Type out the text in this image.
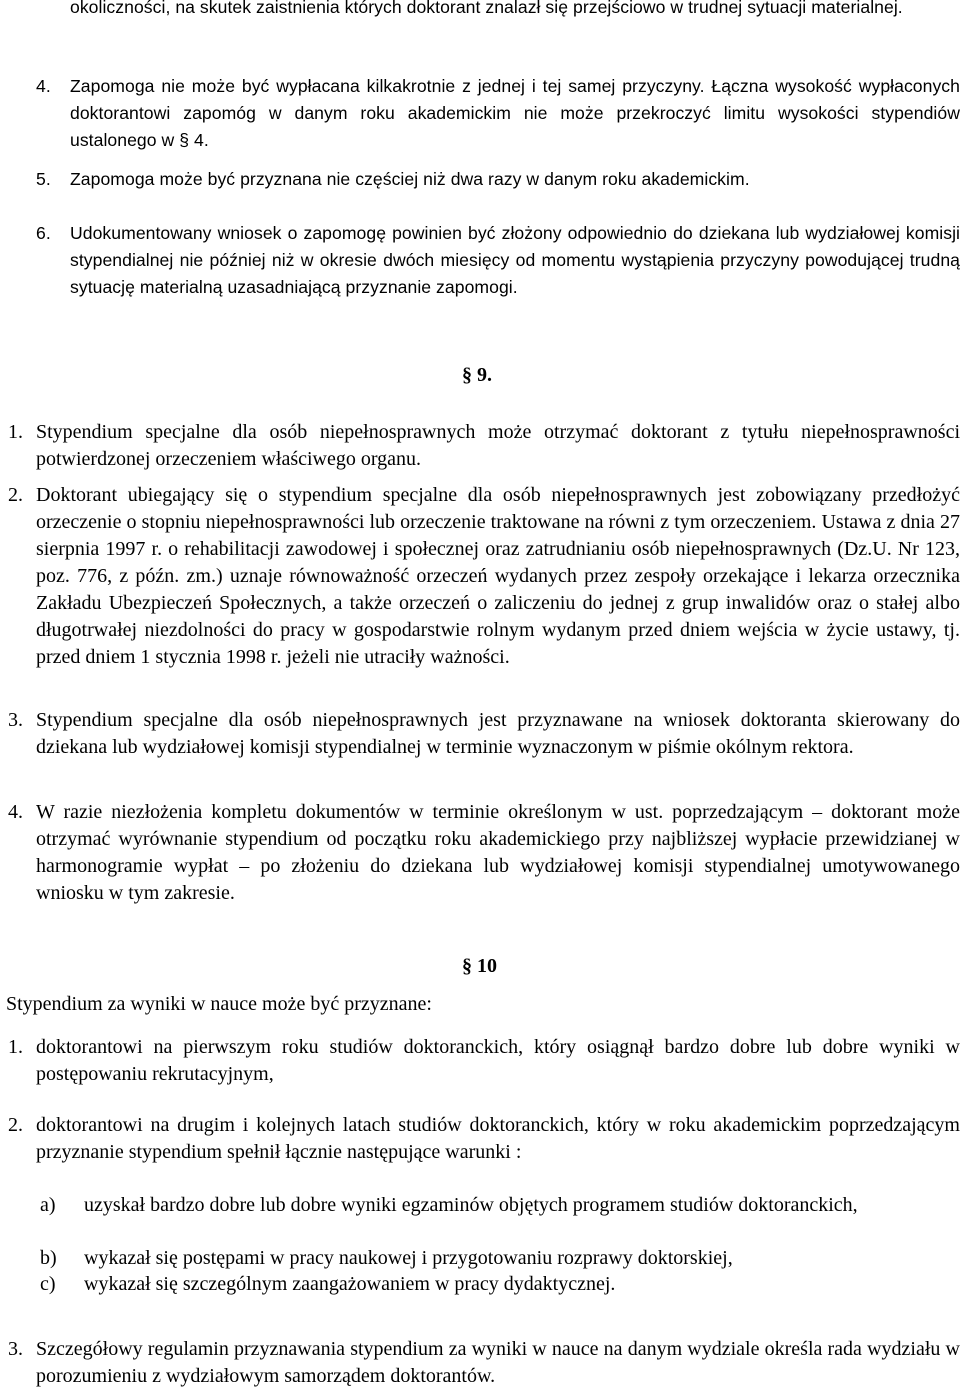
okoliczności, na skutek zaistnienia których doktorant znalazł się przejściowo w trudnej sytuacji materialnej.

4. Zapomoga nie może być wypłacana kilkakrotnie z jednej i tej samej przyczyny. Łączna wysokość wypłaconych doktorantowi zapomóg w danym roku akademickim nie może przekroczyć limitu wysokości stypendiów ustalonego w § 4.

5. Zapomoga może być przyznana nie częściej niż dwa razy w danym roku akademickim.

6. Udokumentowany wniosek o zapomogę powinien być złożony odpowiednio do dziekana lub wydziałowej komisji stypendialnej nie później niż w okresie dwóch miesięcy od momentu wystąpienia przyczyny powodującej trudną sytuację materialną uzasadniającą przyznanie zapomogi.

§ 9.
1. Stypendium specjalne dla osób niepełnosprawnych może otrzymać doktorant z tytułu niepełnosprawności potwierdzonej orzeczeniem właściwego organu.

2. Doktorant ubiegający się o stypendium specjalne dla osób niepełnosprawnych jest zobowiązany przedłożyć orzeczenie o stopniu niepełnosprawności lub orzeczenie traktowane na równi z tym orzeczeniem. Ustawa z dnia 27 sierpnia 1997 r. o rehabilitacji zawodowej i społecznej oraz zatrudnianiu osób niepełnosprawnych (Dz.U. Nr 123, poz. 776, z późn. zm.) uznaje równoważność orzeczeń wydanych przez zespoły orzekające i lekarza orzecznika Zakładu Ubezpieczeń Społecznych, a także orzeczeń o zaliczeniu do jednej z grup inwalidów oraz o stałej albo długotrwałej niezdolności do pracy w gospodarstwie rolnym wydanym przed dniem wejścia w życie ustawy, tj. przed dniem 1 stycznia 1998 r. jeżeli nie utraciły ważności.

3. Stypendium specjalne dla osób niepełnosprawnych jest przyznawane na wniosek doktoranta skierowany do dziekana lub wydziałowej komisji stypendialnej w terminie wyznaczonym w piśmie okólnym rektora.

4. W razie niezłożenia kompletu dokumentów w terminie określonym w ust. poprzedzającym – doktorant może otrzymać wyrównanie stypendium od początku roku akademickiego przy najbliższej wypłacie przewidzianej w harmonogramie wypłat – po złożeniu do dziekana lub wydziałowej komisji stypendialnej umotywowanego wniosku w tym zakresie.

§ 10

Stypendium za wyniki w nauce może być przyznane:

1. doktorantowi na pierwszym roku studiów doktoranckich, który osiągnął bardzo dobre lub dobre wyniki w postępowaniu rekrutacyjnym,

2. doktorantowi na drugim i kolejnych latach studiów doktoranckich, który w roku akademickim poprzedzającym przyznanie stypendium spełnił łącznie następujące warunki :

a) uzyskał bardzo dobre lub dobre wyniki egzaminów objętych programem studiów doktoranckich,

b) wykazał się postępami w pracy naukowej i przygotowaniu rozprawy doktorskiej,

c) wykazał się szczególnym zaangażowaniem w pracy dydaktycznej.

3. Szczegółowy regulamin przyznawania stypendium za wyniki w nauce na danym wydziale określa rada wydziału w porozumieniu z wydziałowym samorządem doktorantów.
